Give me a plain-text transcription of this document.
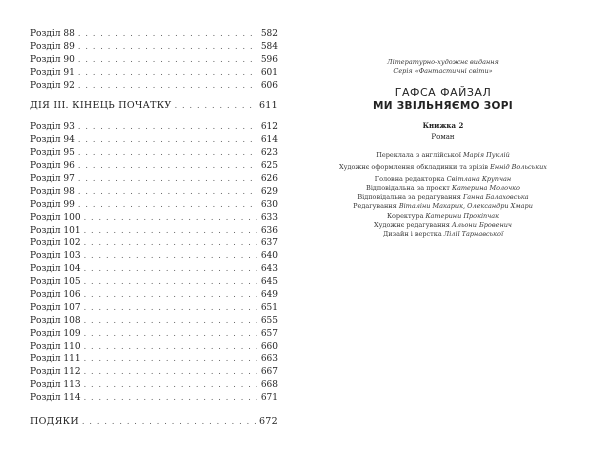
Розділ 88 . . .	582
Розділ 89 . . .	584
Розділ 90 . . .	596
Розділ 91 . . .	601
Розділ 92 . . .	606
ДІЯ ІІІ. КІНЕЦЬ ПОЧАТКУ . . .	611
Розділ 93 . . .	612
Розділ 94 . . .	614
Розділ 95 . . .	623
Розділ 96 . . .	625
Розділ 97 . . .	626
Розділ 98 . . .	629
Розділ 99 . . .	630
Розділ 100 . . .	633
Розділ 101 . . .	636
Розділ 102 . . .	637
Розділ 103 . . .	640
Розділ 104 . . .	643
Розділ 105 . . .	645
Розділ 106 . . .	649
Розділ 107 . . .	651
Розділ 108 . . .	655
Розділ 109 . . .	657
Розділ 110 . . .	660
Розділ 111 . . .	663
Розділ 112 . . .	667
Розділ 113 . . .	668
Розділ 114 . . .	671
ПОДЯКИ . . .	672
Літературно-художнє видання
Серія «Фантастичні світи»
ГАФСА ФАЙЗАЛ
МИ ЗВІЛЬНЯЄМО ЗОРІ
Книжка 2
Роман
Переклала з англійської Марія Пуклій
Художнє оформлення обкладинки та зрізів Еннід Вольських
Головна редакторка Світлана Крупчан
Відповідальна за проєкт Катерина Молочко
Відповідальна за редагування Ганна Балаховська
Редагування Віталіни Макарик, Олександри Хмари
Коректура Катерини Прокіпчак
Художнє редагування Альони Бровенич
Дизайн і верстка Лілії Тарнавської
